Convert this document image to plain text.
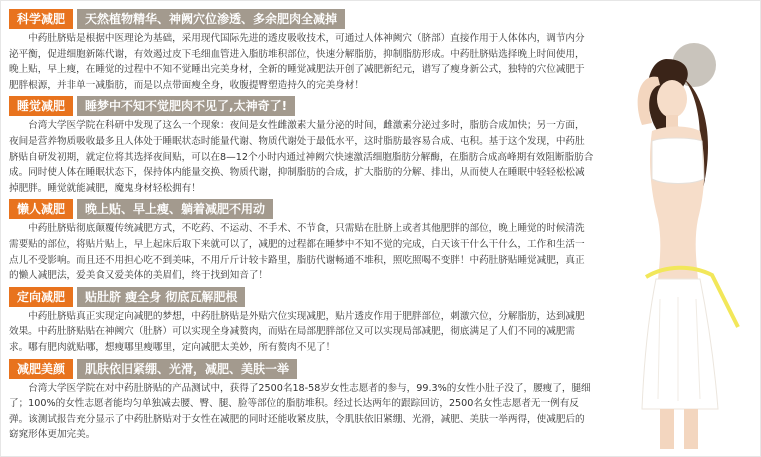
科学减肥	天然植物精华、神阙穴位渗透、多余肥肉全减掉

中药肚脐贴是根据中医理论为基础，采用现代国际先进的透皮吸收技术，可通过人体神阙穴（脐部）直接作用于人体体内，调节内分泌平衡，促进细胞新陈代谢，有效遏过皮下毛细血管进入脂肪堆积部位，快速分解脂肪，抑制脂肪形成。中药肚脐贴选择晚上时间使用，晚上贴，早上瘦，在睡觉的过程中不知不觉睡出完美身材，全新的睡觉减肥法开创了减肥新纪元，谱写了瘦身新公式，独特的穴位减肥于肥胖根源，并非单一减脂肪，而是以点带面瘦全身，收腹提臀塑造持久的完美身材！

睡觉减肥	睡梦中不知不觉肥肉不见了,太神奇了!

台湾大学医学院在科研中发现了这么一个现象：夜间是女性雌激素大量分泌的时间，雌激素分泌过多时，脂肪合成加快；另一方面，夜间是营养物质吸收最多且人体处于睡眠状态时能量代谢、物质代谢处于最低水平，这时脂肪最容易合成、屯积。基于这个发现，中药肚脐贴自研发初期，就定位将其选择夜间贴，可以在8—12个小时内通过神阙穴快速激活细胞脂肪分解酶，在脂肪合成高峰期有效阻断脂肪合成。同时使人体在睡眠状态下，保持体内能量交换、物质代谢，抑制脂肪的合成，扩大脂肪的分解、排出，从而使人在睡眠中轻轻松松减掉肥胖。睡觉就能减肥，魔鬼身材轻松拥有！

懒人减肥	晚上贴、早上瘦、躺着减肥不用动

中药肚脐贴彻底颠覆传统减肥方式，不吃药、不运动、不手术、不节食，只需贴在肚脐上或者其他肥胖的部位，晚上睡觉的时候清洗需要贴的部位，将贴片贴上，早上起床后取下来就可以了，减肥的过程都在睡梦中不知不觉的完成，白天该干什么干什么，工作和生活一点儿不受影响。而且还不用担心吃不到美味，不用斤斤计较卡路里，脂肪代谢畅通不堆积，照吃照喝不变胖！中药肚脐贴睡觉减肥，真正的懒人减肥法，爱美食又爱美体的美眉们，终于找到知音了！

定向减肥	贴肚脐 瘦全身 彻底瓦解肥根

中药肚脐贴真正实现定向减肥的梦想，中药肚脐贴是外贴穴位实现减肥，贴片透皮作用于肥胖部位，刺激穴位，分解脂肪，达到减肥效果。中药肚脐贴贴在神阙穴（肚脐）可以实现全身减赘肉，而贴在局部肥胖部位又可以实现局部减肥，彻底满足了人们不同的减肥需求。哪有肥肉就贴哪，想瘦哪里瘦哪里，定向减肥太美妙，所有赘肉不见了！

减肥美颜	肌肤依旧紧绷、光滑，减肥、美肤一举

台湾大学医学院在对中药肚脐贴的产品测试中，获得了2500名18-58岁女性志愿者的参与，99.3%的女性小肚子没了，腰瘦了，腿细了；100%的女性志愿者能均匀单独减去腰、臀、腿、脸等部位的脂肪堆积。经过长达两年的跟踪回访，2500名女性志愿者无一例有反弹。该测试报告充分显示了中药肚脐贴对于女性在减肥的同时还能收紧皮肤，令肌肤依旧紧绷、光滑，减肥、美肤一举两得，使减肥后的窈窕形体更加完美。
